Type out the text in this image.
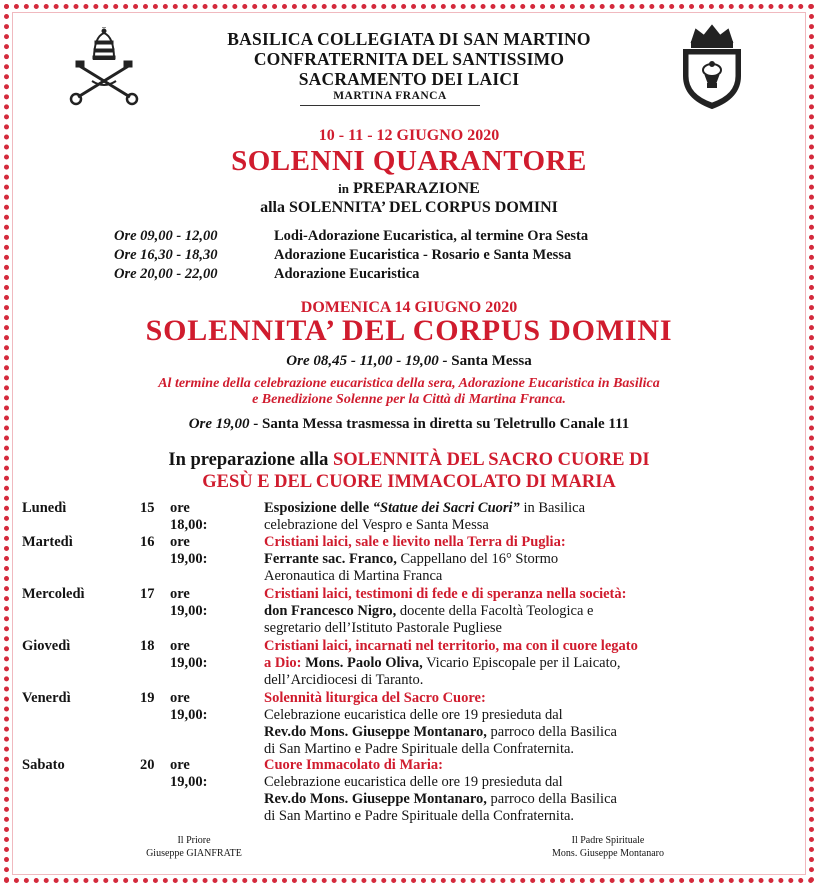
BASILICA COLLEGIATA DI SAN MARTINO
CONFRATERNITA DEL SANTISSIMO
SACRAMENTO DEI LAICI
MARTINA FRANCA
10 - 11 - 12 GIUGNO 2020
SOLENNI QUARANTORE
in PREPARAZIONE
alla SOLENNITA’ DEL CORPUS DOMINI
Ore 09,00 - 12,00	Lodi-Adorazione Eucaristica, al termine Ora Sesta
Ore 16,30 - 18,30	Adorazione Eucaristica - Rosario e Santa Messa
Ore 20,00 - 22,00	Adorazione Eucaristica
DOMENICA 14 GIUGNO 2020
SOLENNITA’ DEL CORPUS DOMINI
Ore 08,45 - 11,00 - 19,00 - Santa Messa
Al termine della celebrazione eucaristica della sera, Adorazione Eucaristica in Basilica
e Benedizione Solenne per la Città di Martina Franca.
Ore 19,00 - Santa Messa trasmessa in diretta su Teletrullo Canale 111
In preparazione alla SOLENNITÀ DEL SACRO CUORE DI
GESÙ E DEL CUORE IMMACOLATO DI MARIA
Lunedì	15 ore 18,00:
Esposizione delle “Statue dei Sacri Cuori” in Basilica
celebrazione del Vespro e Santa Messa
Martedì	16 ore 19,00:
Cristiani laici, sale e lievito nella Terra di Puglia:
Ferrante sac. Franco, Cappellano del 16° Stormo
Aeronautica di Martina Franca
Mercoledì	17 ore 19,00:
Cristiani laici, testimoni di fede e di speranza nella società:
don Francesco Nigro, docente della Facoltà Teologica e
segretario dell’Istituto Pastorale Pugliese
Giovedì	18 ore 19,00:
Cristiani laici, incarnati nel territorio, ma con il cuore legato
a Dio: Mons. Paolo Oliva, Vicario Episcopale per il Laicato,
dell’Arcidiocesi di Taranto.
Venerdì	19 ore 19,00:
Solennità liturgica del Sacro Cuore:
Celebrazione eucaristica delle ore 19 presieduta dal
Rev.do Mons. Giuseppe Montanaro, parroco della Basilica
di San Martino e Padre Spirituale della Confraternita.
Sabato	20 ore 19,00:
Cuore Immacolato di Maria:
Celebrazione eucaristica delle ore 19 presieduta dal
Rev.do Mons. Giuseppe Montanaro, parroco della Basilica
di San Martino e Padre Spirituale della Confraternita.
Il Priore
Giuseppe GIANFRATE
Il Padre Spirituale
Mons. Giuseppe Montanaro
